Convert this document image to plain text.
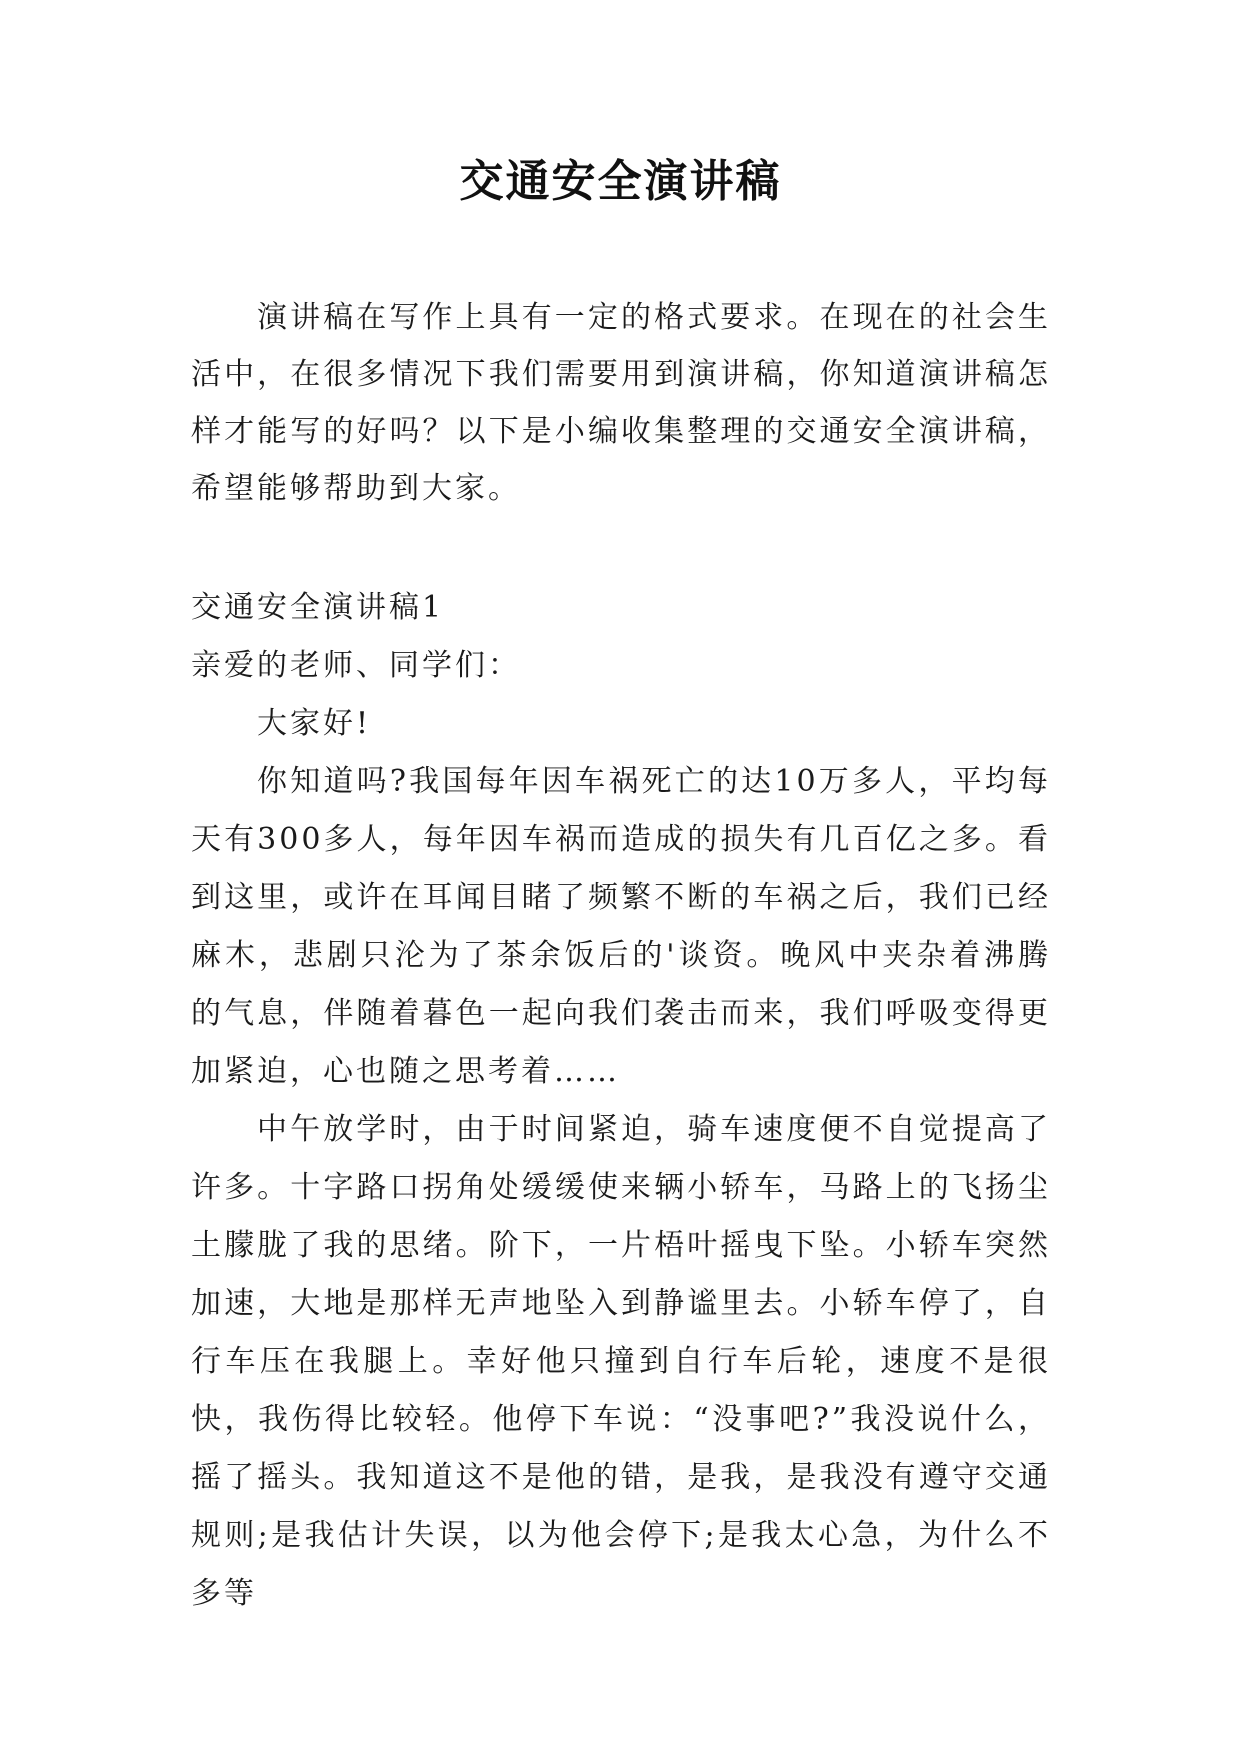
交通安全演讲稿

演讲稿在写作上具有一定的格式要求。在现在的社会生活中，在很多情况下我们需要用到演讲稿，你知道演讲稿怎样才能写的好吗？以下是小编收集整理的交通安全演讲稿，希望能够帮助到大家。

交通安全演讲稿1

亲爱的老师、同学们：

大家好!

你知道吗?我国每年因车祸死亡的达10万多人，平均每天有300多人，每年因车祸而造成的损失有几百亿之多。看到这里，或许在耳闻目睹了频繁不断的车祸之后，我们已经麻木，悲剧只沦为了茶余饭后的'谈资。晚风中夹杂着沸腾的气息，伴随着暮色一起向我们袭击而来，我们呼吸变得更加紧迫，心也随之思考着……

中午放学时，由于时间紧迫，骑车速度便不自觉提高了许多。十字路口拐角处缓缓使来辆小轿车，马路上的飞扬尘土朦胧了我的思绪。阶下，一片梧叶摇曳下坠。小轿车突然加速，大地是那样无声地坠入到静谧里去。小轿车停了，自行车压在我腿上。幸好他只撞到自行车后轮，速度不是很快，我伤得比较轻。他停下车说：“没事吧?”我没说什么，摇了摇头。我知道这不是他的错，是我，是我没有遵守交通规则;是我估计失误，以为他会停下;是我太心急，为什么不多等
